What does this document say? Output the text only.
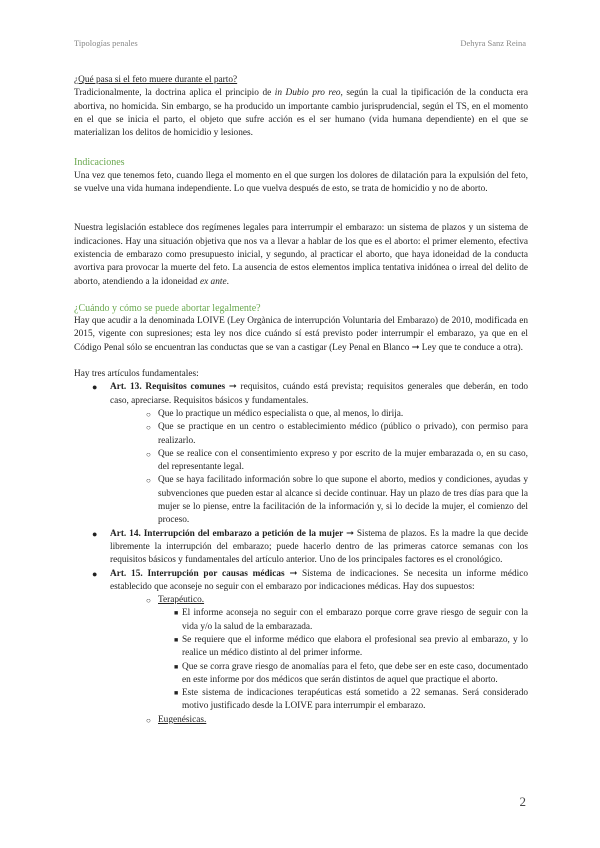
Tipologías penales	Dehyra Sanz Reina

¿Qué pasa si el feto muere durante el parto?

Tradicionalmente, la doctrina aplica el principio de in Dubio pro reo, según la cual la tipificación de la conducta era abortiva, no homicida. Sin embargo, se ha producido un importante cambio jurisprudencial, según el TS, en el momento en el que se inicia el parto, el objeto que sufre acción es el ser humano (vida humana dependiente) en el que se materializan los delitos de homicidio y lesiones.

Indicaciones

Una vez que tenemos feto, cuando llega el momento en el que surgen los dolores de dilatación para la expulsión del feto, se vuelve una vida humana independiente. Lo que vuelva después de esto, se trata de homicidio y no de aborto.

Nuestra legislación establece dos regímenes legales para interrumpir el embarazo: un sistema de plazos y un sistema de indicaciones. Hay una situación objetiva que nos va a llevar a hablar de los que es el aborto: el primer elemento, efectiva existencia de embarazo como presupuesto inicial, y segundo, al practicar el aborto, que haya idoneidad de la conducta avortiva para provocar la muerte del feto. La ausencia de estos elementos implica tentativa inidónea o irreal del delito de aborto, atendiendo a la idoneidad ex ante.

¿Cuándo y cómo se puede abortar legalmente?

Hay que acudir a la denominada LOIVE (Ley Orgànica de interrupción Voluntaria del Embarazo) de 2010, modificada en 2015, vigente con supresiones; esta ley nos dice cuándo sí está previsto poder interrumpir el embarazo, ya que en el Código Penal sólo se encuentran las conductas que se van a castigar (Ley Penal en Blanco ➞ Ley que te conduce a otra).

Hay tres artículos fundamentales:

● Art. 13. Requisitos comunes ➞ requisitos, cuándo está prevista; requisitos generales que deberán, en todo caso, apreciarse. Requisitos básicos y fundamentales.
○ Que lo practique un médico especialista o que, al menos, lo dirija.
○ Que se practique en un centro o establecimiento médico (público o privado), con permiso para realizarlo.
○ Que se realice con el consentimiento expreso y por escrito de la mujer embarazada o, en su caso, del representante legal.
○ Que se haya facilitado información sobre lo que supone el aborto, medios y condiciones, ayudas y subvenciones que pueden estar al alcance si decide continuar. Hay un plazo de tres días para que la mujer se lo piense, entre la facilitación de la información y, si lo decide la mujer, el comienzo del proceso.
● Art. 14. Interrupción del embarazo a petición de la mujer ➞ Sistema de plazos. Es la madre la que decide libremente la interrupción del embarazo; puede hacerlo dentro de las primeras catorce semanas con los requisitos básicos y fundamentales del artículo anterior. Uno de los principales factores es el cronológico.
● Art. 15. Interrupción por causas médicas ➞ Sistema de indicaciones. Se necesita un informe médico establecido que aconseje no seguir con el embarazo por indicaciones médicas. Hay dos supuestos:
○ Terapéutico.
■ El informe aconseja no seguir con el embarazo porque corre grave riesgo de seguir con la vida y/o la salud de la embarazada.
■ Se requiere que el informe médico que elabora el profesional sea previo al embarazo, y lo realice un médico distinto al del primer informe.
■ Que se corra grave riesgo de anomalías para el feto, que debe ser en este caso, documentado en este informe por dos médicos que serán distintos de aquel que practique el aborto.
■ Este sistema de indicaciones terapéuticas está sometido a 22 semanas. Será considerado motivo justificado desde la LOIVE para interrumpir el embarazo.
○ Eugenésicas.
2
